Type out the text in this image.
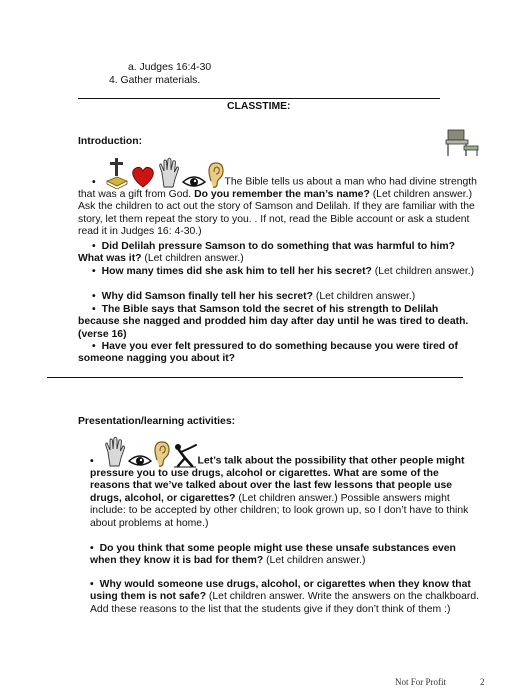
a. Judges 16:4-30
4. Gather materials.
CLASSTIME:
Introduction:
•	The Bible tells us about a man who had divine strength that was a gift from God. Do you remember the man’s name? (Let children answer.) Ask the children to act out the story of Samson and Delilah. If they are familiar with the story, let them repeat the story to you. . If not, read the Bible account or ask a student read it in Judges 16: 4-30.)
• Did Delilah pressure Samson to do something that was harmful to him? What was it? (Let children answer.)
• How many times did she ask him to tell her his secret? (Let children answer.)
• Why did Samson finally tell her his secret? (Let children answer.)
• The Bible says that Samson told the secret of his strength to Delilah because she nagged and prodded him day after day until he was tired to death. (verse 16)
• Have you ever felt pressured to do something because you were tired of someone nagging you about it?
Presentation/learning activities:
•	Let’s talk about the possibility that other people might pressure you to use drugs, alcohol or cigarettes. What are some of the reasons that we’ve talked about over the last few lessons that people use drugs, alcohol, or cigarettes? (Let children answer.) Possible answers might include: to be accepted by other children; to look grown up, so I don’t have to think about problems at home.)
• Do you think that some people might use these unsafe substances even when they know it is bad for them? (Let children answer.)
• Why would someone use drugs, alcohol, or cigarettes when they know that using them is not safe? (Let children answer. Write the answers on the chalkboard. Add these reasons to the list that the students give if they don’t think of them :)
Not For Profit	2
